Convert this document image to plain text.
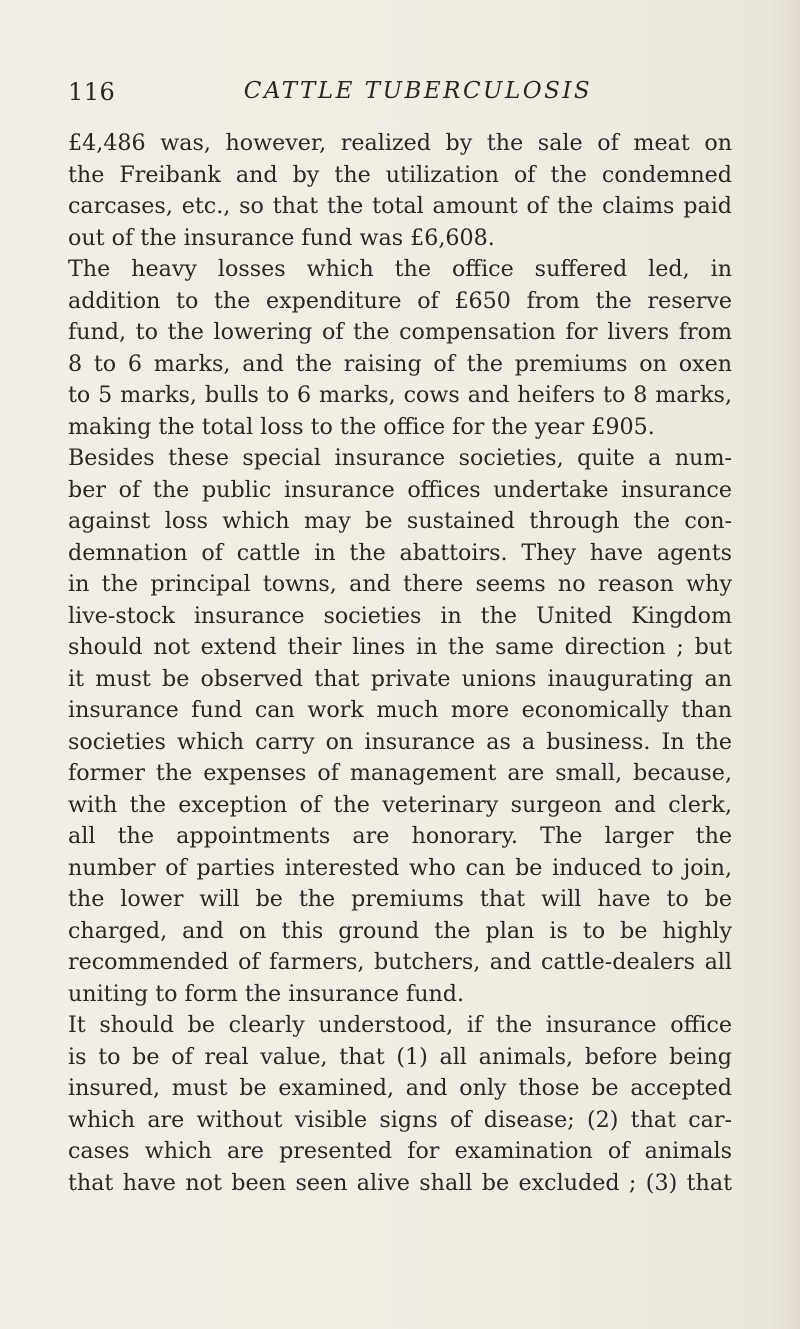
116	CATTLE TUBERCULOSIS
£4,486 was, however, realized by the sale of meat on
the Freibank and by the utilization of the condemned
carcases, etc., so that the total amount of the claims paid
out of the insurance fund was £6,608.
The heavy losses which the office suffered led, in
addition to the expenditure of £650 from the reserve
fund, to the lowering of the compensation for livers from
8 to 6 marks, and the raising of the premiums on oxen
to 5 marks, bulls to 6 marks, cows and heifers to 8 marks,
making the total loss to the office for the year £905.
Besides these special insurance societies, quite a num-
ber of the public insurance offices undertake insurance
against loss which may be sustained through the con-
demnation of cattle in the abattoirs. They have agents
in the principal towns, and there seems no reason why
live-stock insurance societies in the United Kingdom
should not extend their lines in the same direction ; but
it must be observed that private unions inaugurating an
insurance fund can work much more economically than
societies which carry on insurance as a business. In the
former the expenses of management are small, because,
with the exception of the veterinary surgeon and clerk,
all the appointments are honorary. The larger the
number of parties interested who can be induced to join,
the lower will be the premiums that will have to be
charged, and on this ground the plan is to be highly
recommended of farmers, butchers, and cattle-dealers all
uniting to form the insurance fund.
It should be clearly understood, if the insurance office
is to be of real value, that (1) all animals, before being
insured, must be examined, and only those be accepted
which are without visible signs of disease; (2) that car-
cases which are presented for examination of animals
that have not been seen alive shall be excluded ; (3) that
